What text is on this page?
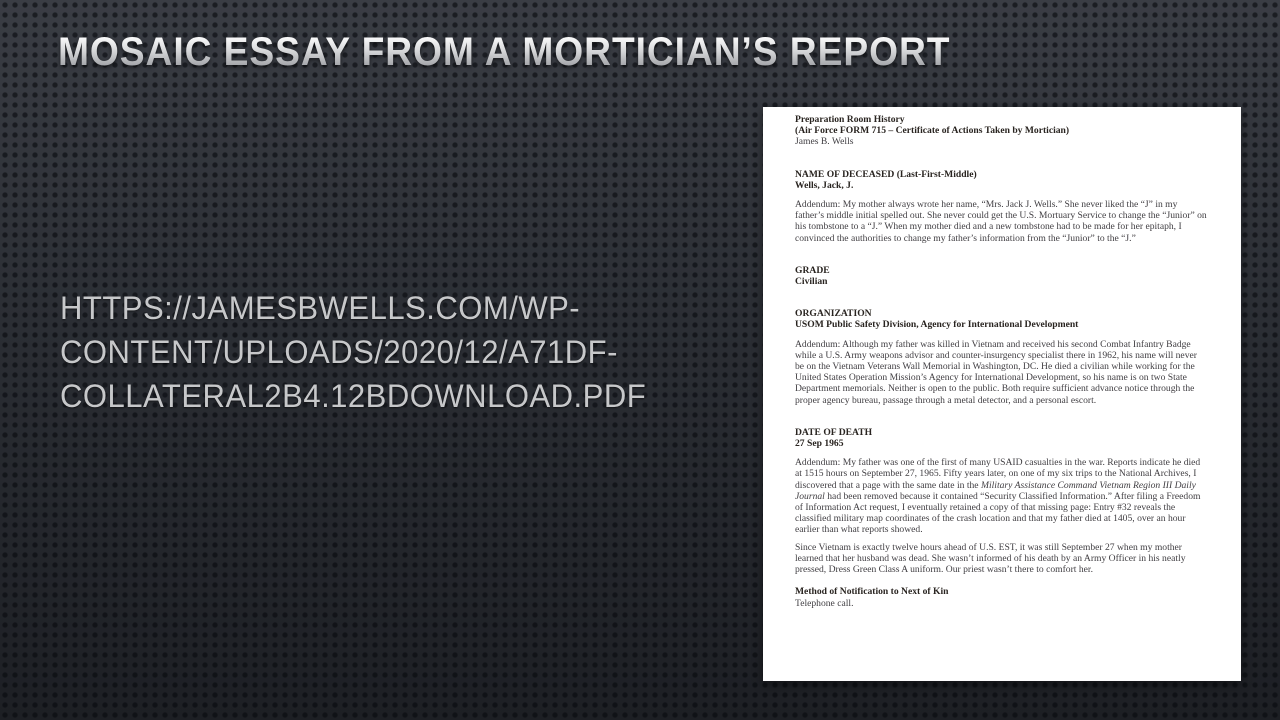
MOSAIC ESSAY FROM A MORTICIAN’S REPORT
HTTPS://JAMESBWELLS.COM/WP-
CONTENT/UPLOADS/2020/12/A71DF-
COLLATERAL2B4.12BDOWNLOAD.PDF
Preparation Room History
(Air Force FORM 715 – Certificate of Actions Taken by Mortician)
James B. Wells
NAME OF DECEASED (Last-First-Middle)
Wells, Jack, J.

Addendum: My mother always wrote her name, “Mrs. Jack J. Wells.” She never liked the “J” in my father’s middle initial spelled out. She never could get the U.S. Mortuary Service to change the “Junior” on his tombstone to a “J.” When my mother died and a new tombstone had to be made for her epitaph, I convinced the authorities to change my father’s information from the “Junior” to the “J.”

GRADE
Civilian
ORGANIZATION
USOM Public Safety Division, Agency for International Development

Addendum: Although my father was killed in Vietnam and received his second Combat Infantry Badge while a U.S. Army weapons advisor and counter-insurgency specialist there in 1962, his name will never be on the Vietnam Veterans Wall Memorial in Washington, DC. He died a civilian while working for the United States Operation Mission’s Agency for International Development, so his name is on two State Department memorials. Neither is open to the public. Both require sufficient advance notice through the proper agency bureau, passage through a metal detector, and a personal escort.

DATE OF DEATH
27 Sep 1965

Addendum: My father was one of the first of many USAID casualties in the war. Reports indicate he died at 1515 hours on September 27, 1965. Fifty years later, on one of my six trips to the National Archives, I discovered that a page with the same date in the Military Assistance Command Vietnam Region III Daily Journal had been removed because it contained “Security Classified Information.” After filing a Freedom of Information Act request, I eventually retained a copy of that missing page: Entry #32 reveals the classified military map coordinates of the crash location and that my father died at 1405, over an hour earlier than what reports showed.

Since Vietnam is exactly twelve hours ahead of U.S. EST, it was still September 27 when my mother learned that her husband was dead. She wasn’t informed of his death by an Army Officer in his neatly pressed, Dress Green Class A uniform. Our priest wasn’t there to comfort her.

Method of Notification to Next of Kin
Telephone call.
